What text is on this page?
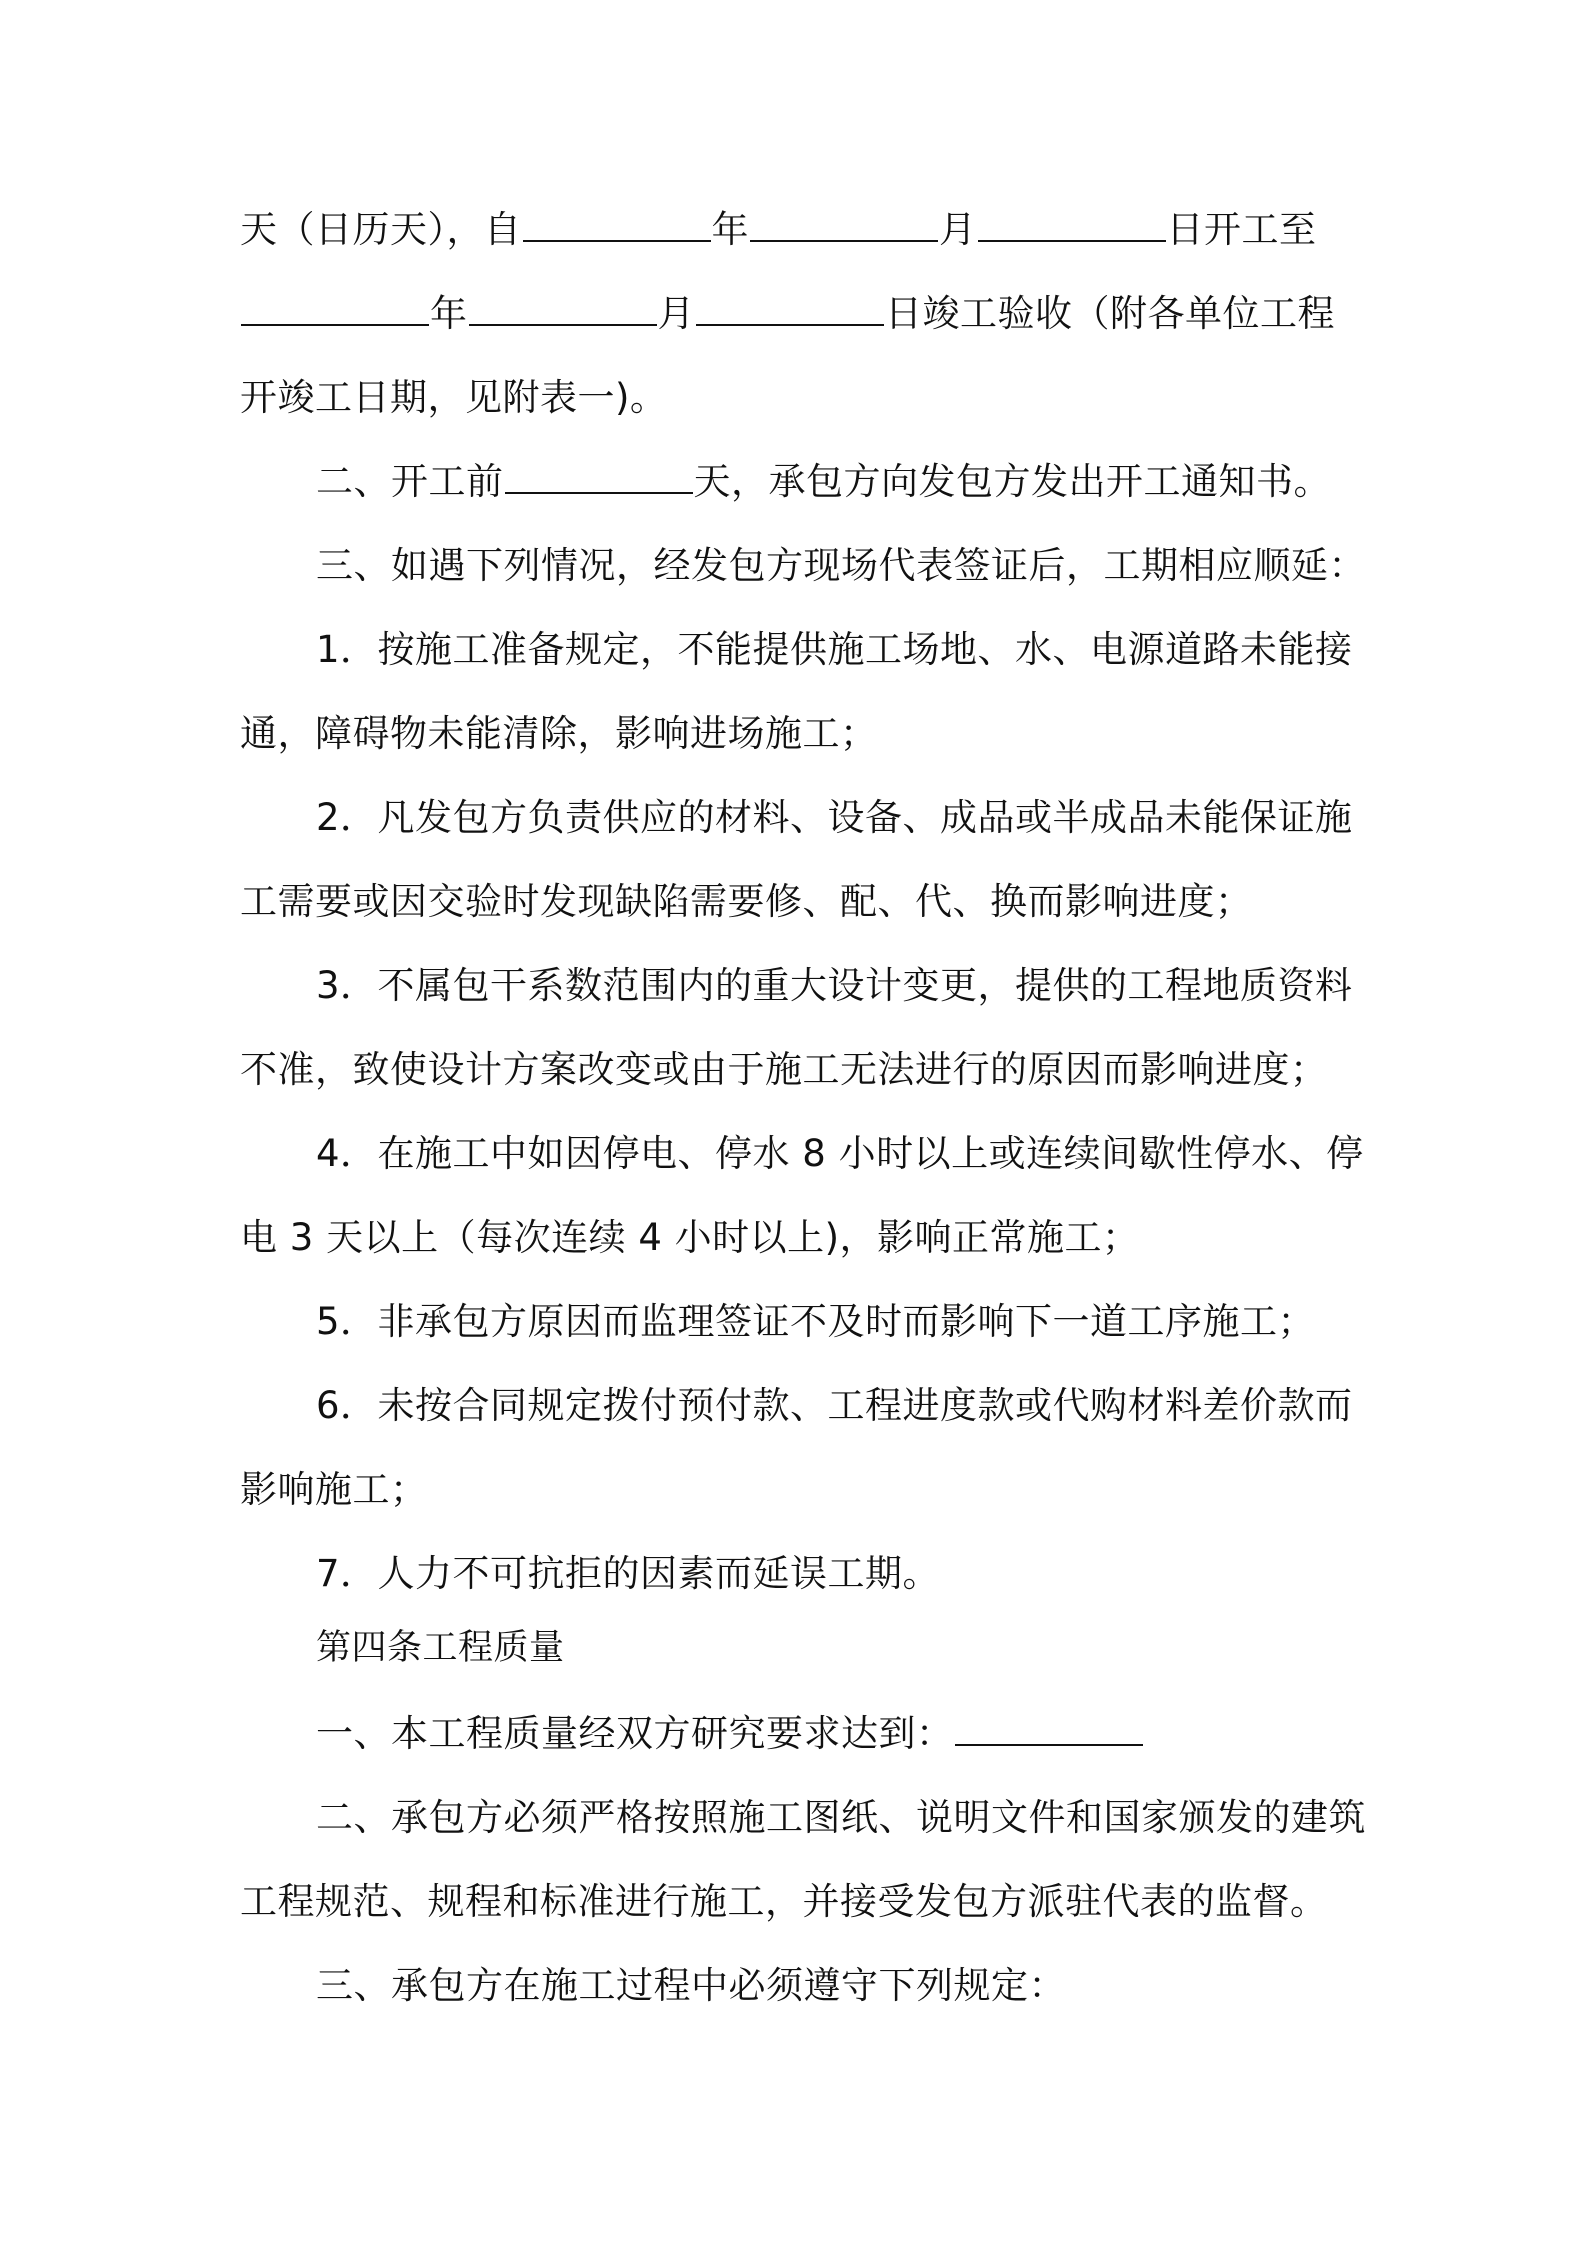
天（日历天），自	年	月	日开工至
年	月	日竣工验收（附各单位工程
开竣工日期，见附表一)。
二、开工前	天，承包方向发包方发出开工通知书。
三、如遇下列情况，经发包方现场代表签证后，工期相应顺延：
1．按施工准备规定，不能提供施工场地、水、电源道路未能接
通，障碍物未能清除，影响进场施工；
2．凡发包方负责供应的材料、设备、成品或半成品未能保证施
工需要或因交验时发现缺陷需要修、配、代、换而影响进度；
3．不属包干系数范围内的重大设计变更，提供的工程地质资料
不准，致使设计方案改变或由于施工无法进行的原因而影响进度；
4．在施工中如因停电、停水 8 小时以上或连续间歇性停水、停
电 3 天以上（每次连续 4 小时以上)，影响正常施工；
5．非承包方原因而监理签证不及时而影响下一道工序施工；
6．未按合同规定拨付预付款、工程进度款或代购材料差价款而
影响施工；
7．人力不可抗拒的因素而延误工期。
第四条工程质量
一、本工程质量经双方研究要求达到：
二、承包方必须严格按照施工图纸、说明文件和国家颁发的建筑
工程规范、规程和标准进行施工，并接受发包方派驻代表的监督。
三、承包方在施工过程中必须遵守下列规定：
